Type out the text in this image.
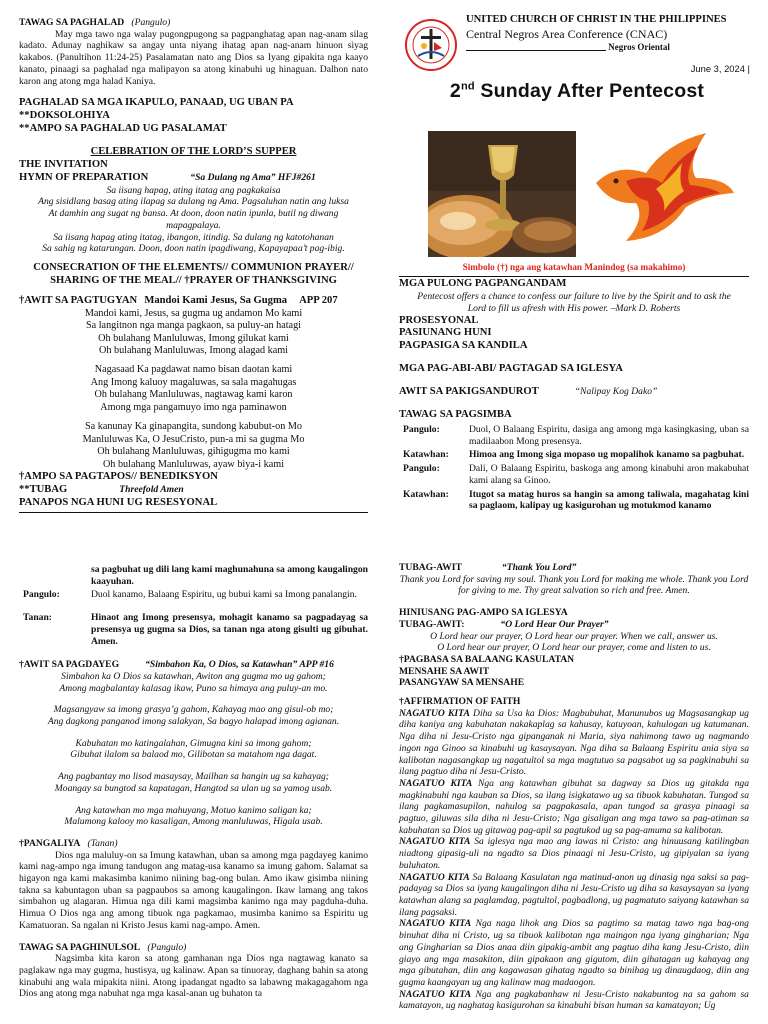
TAWAG SA PAGHALAD (Pangulo)

May mga tawo nga walay pugongpugong sa pagpanghatag apan nag-anam silag kadato. Adunay naghikaw sa angay unta niyang ihatag apan nag-anam hinuon siyag kakabos. (Panultihon 11:24-25) Pasalamatan nato ang Dios sa Iyang gipakita nga kaayo kanato, pinaagi sa paghalad nga malipayon sa atong kinabuhi ug hinaguan. Dalhon nato karon ang atong mga halad Kaniya.

PAGHALAD SA MGA IKAPULO, PANAAD, UG UBAN PA

**DOKSOLOHIYA

**AMPO SA PAGHALAD UG PASALAMAT

CELEBRATION OF THE LORD’S SUPPER

THE INVITATION

HYMN OF PREPARATION	“Sa Dulang ng Ama” HFJ#261

Sa iisang hapag, ating itatag ang pagkakaisa

Ang sisidlang basag ating ilapag sa dulang ng Ama. Pagsaluhan natin ang luksa

At damhin ang sugat ng bansa. At doon, doon natin ipunla, butil ng diwang

mapagpalaya.

Sa iisang hapag ating itatag, ibangon, itindig. Sa dulang ng katotohanan

Sa sahig ng katarungan. Doon, doon natin ipagdiwang, Kapayapaa’t pag-ibig.

CONSECRATION OF THE ELEMENTS// COMMUNION PRAYER//

SHARING OF THE MEAL// †PRAYER OF THANKSGIVING

†AWIT SA PAGTUGYAN Mandoi Kami Jesus, Sa Gugma APP 207

Mandoi kami, Jesus, sa gugma ug andamon Mo kami

Sa langitnon nga manga pagkaon, sa puluy-an hatagi

Oh bulahang Manluluwas, Imong gilukat kami

Oh bulahang Manluluwas, Imong alagad kami

Nagasaad Ka pagdawat namo bisan daotan kami

Ang Imong kaluoy magaluwas, sa sala magahugas

Oh bulahang Manluluwas, nagtawag kami karon

Among mga pangamuyo imo nga paminawon

Sa kanunay Ka ginapangita, sundong kabubut-on Mo

Manluluwas Ka, O JesuCristo, pun-a mi sa gugma Mo

Oh bulahang Manluluwas, gihigugma mo kami

Oh bulahang Manluluwas, ayaw biya-i kami

†AMPO SA PAGTAPOS// BENEDIKSYON

**TUBAG	Threefold Amen

PANAPOS NGA HUNI UG RESESYONAL

UNITED CHURCH OF CHRIST IN THE PHILIPPINES

Central Negros Area Conference (CNAC)

Negros Oriental

June 3, 2024 |

2nd Sunday After Pentecost

Simbolo (†) nga ang katawhan Manindog (sa makahimo)

MGA PULONG PAGPANGANDAM

Pentecost offers a chance to confess our failure to live by the Spirit and to ask the Lord to fill us afresh with His power. –Mark D. Roberts

PROSESYONAL

PASIUNANG HUNI

PAGPASIGA SA KANDILA

MGA PAG-ABI-ABI/ PAGTAGAD SA IGLESYA

AWIT SA PAKIGSANDUROT	“Nalipay Kog Dako”

TAWAG SA PAGSIMBA

Pangulo:	Duol, O Balaang Espiritu, dasiga ang among mga kasingkasing, uban sa madilaabon Mong presensya.
Katawhan:	Himoa ang Imong siga mopaso ug mopalihok kanamo sa pagbuhat.
Pangulo:	Dali, O Balaang Espiritu, baskoga ang among kinabuhi aron makabuhat kami alang sa Ginoo.
Katawhan:	Itugot sa matag huros sa hangin sa among taliwala, magahatag kini sa paglaom, kalipay ug kasigurohan ug motukmod kanamo
sa pagbuhat ug dili lang kami maghunahuna sa among kaugalingon kaayuhan.
Pangulo:	Duol kanamo, Balaang Espiritu, ug bubui kami sa Imong panalangin.
Tanan:	Hinaot ang Imong presensya, mohagit kanamo sa pagpadayag sa presensya ug gugma sa Dios, sa tanan nga atong gisulti ug gibuhat. Amen.

†AWIT SA PAGDAYEG	“Simbahon Ka, O Dios, sa Katawhan” APP #16

Simbahon ka O Dios sa katawhan, Awiton ang gugma mo ug gahom;

Among magbalantay kalasag ikaw, Puno sa himaya ang puluy-an mo.

Magsangyaw sa imong grasya’g gahom, Kahayag mao ang gisul-ob mo;

Ang dagkong panganod imong salakyan, Sa bagyo halapad imong agianan.

Kabuhatan mo katingalahan, Gimugna kini sa imong gahom;

Gibuhat ilalom sa balaod mo, Gilibotan sa matahom nga dagat.

Ang pagbantay mo lisod masaysay, Mailhan sa hangin ug sa kahayag;

Moangay sa bungtod sa kapatagan, Hangtod sa ulan ug sa yamog usab.

Ang katawhan mo mga mahuyang, Motuo kanimo saligan ka;

Malumong kalooy mo kasaligan, Among manluluwas, Higala usab.

†PANGALIYA (Tanan)

Dios nga maluluy-on sa Imung katawhan, uban sa among mga pagdayeg kanimo kami nag-ampo nga imung tandugon ang matag-usa kanamo sa imung gahom. Salamat sa higayon nga kami makasimba kanimo niining bag-ong bulan. Amo ikaw gisimba niining takna sa kabuntagon uban sa pagpaubos sa among kaugalingon. Ikaw lamang ang takos simbahon ug alagaran. Himua nga dili kami magsimba kanimo nga may pagduha-duha. Himua O Dios nga ang among tibuok nga pagkamao, musimba kanimo sa Espiritu ug Kamatuoran. Sa ngalan ni Kristo Jesus kami nag-ampo. Amen.

TAWAG SA PAGHINULSOL (Pangulo)

Nagsimba kita karon sa atong gamhanan nga Dios nga nagtawag kanato sa paglakaw nga may gugma, hustisya, ug kalinaw. Apan sa tinuoray, daghang bahin sa atong kinabuhi ang wala mipakita niini. Atong ipadangat ngadto sa labawng makagagahom nga Dios ang atong mga nabuhat nga mga kasal-anan ug buhaton ta

TUBAG-AWIT	“Thank You Lord”

Thank you Lord for saving my soul. Thank you Lord for making me whole. Thank you Lord for giving to me. Thy great salvation so rich and free. Amen.

HINIUSANG PAG-AMPO SA IGLESYA

TUBAG-AWIT:	“O Lord Hear Our Prayer”

O Lord hear our prayer, O Lord hear our prayer. When we call, answer us.

O Lord hear our prayer, O Lord hear our prayer, come and listen to us.

†PAGBASA SA BALAANG KASULATAN

MENSAHE SA AWIT

PASANGYAW SA MENSAHE

†AFFIRMATION OF FAITH

NAGATUO KITA Diha sa Usa ka Dios: Magbubuhat, Manunubos ug Magsasangkap ug diha kaniya ang kabuhatan nakakaplag sa kahusay, katuyoan, kahulogan ug katumanan. Nga diha ni Jesu-Cristo nga gipanganak ni Maria, siya nahimong tawo ug nagmando ingon nga Ginoo sa kinabuhi ug kasaysayan. Nga diha sa Balaang Espiritu ania siya sa kalibotan nagasangkap ug nagatultol sa mga magtutuo sa pagsabot ug sa pagkinabuhi sa ilang pagtuo diha ni Jesu-Cristo.

NAGATUO KITA Nga ang katawhan gibuhat sa dagway sa Dios ug gitakda nga magkinabuhi nga kauban sa Dios, sa ilang isigkatawo ug sa tibuok kabuhatan. Tungod sa ilang pagkamasupilon, nahulog sa pagpakasala, apan tungod sa grasya pinaagi sa pagtuo, giluwas sila diha ni Jesu-Cristo; Nga gisaligan ang mga tawo sa pag-atiman sa kabuhatan sa Dios ug gitawag pag-apil sa pagtukod ug sa pag-amuma sa kalibotan.

NAGATUO KITA Sa iglesya nga mao ang lawas ni Cristo: ang hinuusang katilingban niadtong gipasig-uli na ngadto sa Dios pinaagi ni Jesu-Cristo, ug gipiyalan sa iyang buluhaton.

NAGATUO KITA Sa Balaang Kasulatan nga matinud-anon ug dinasig nga saksi sa pag-padayag sa Dios sa iyang kaugalingon diha ni Jesu-Cristo ug diha sa kasaysayan sa iyang katawhan alang sa paglamdag, pagtultol, pagbadlong, ug pagmatuto saiyang katawhan sa ilang pagsaksi.

NAGATUO KITA Nga naga lihok ang Dios sa pagtimo sa matag tawo nga bag-ong binuhat diha ni Cristo, ug sa tibuok kalibotan nga maingon nga iyang gingharian; Nga ang Gingharian sa Dios anaa diin gipakig-ambit ang pagtuo diha kang Jesu-Cristo, diin giayo ang mga masakiton, diin gipakaon ang gigutom, diin gihatagan ug kahayag ang mga gibutahan, diin ang kagawasan gihatag ngadto sa binihag ug dinaugdaog, diin ang gugma kaangayan ug ang kalinaw mag madaogon.

NAGATUO KITA Nga ang pagkabanhaw ni Jesu-Cristo nakabuntog na sa gahom sa kamatayon, ug naghatag kasigurohan sa kinabuhi bisan human sa kamatayon; Ug
